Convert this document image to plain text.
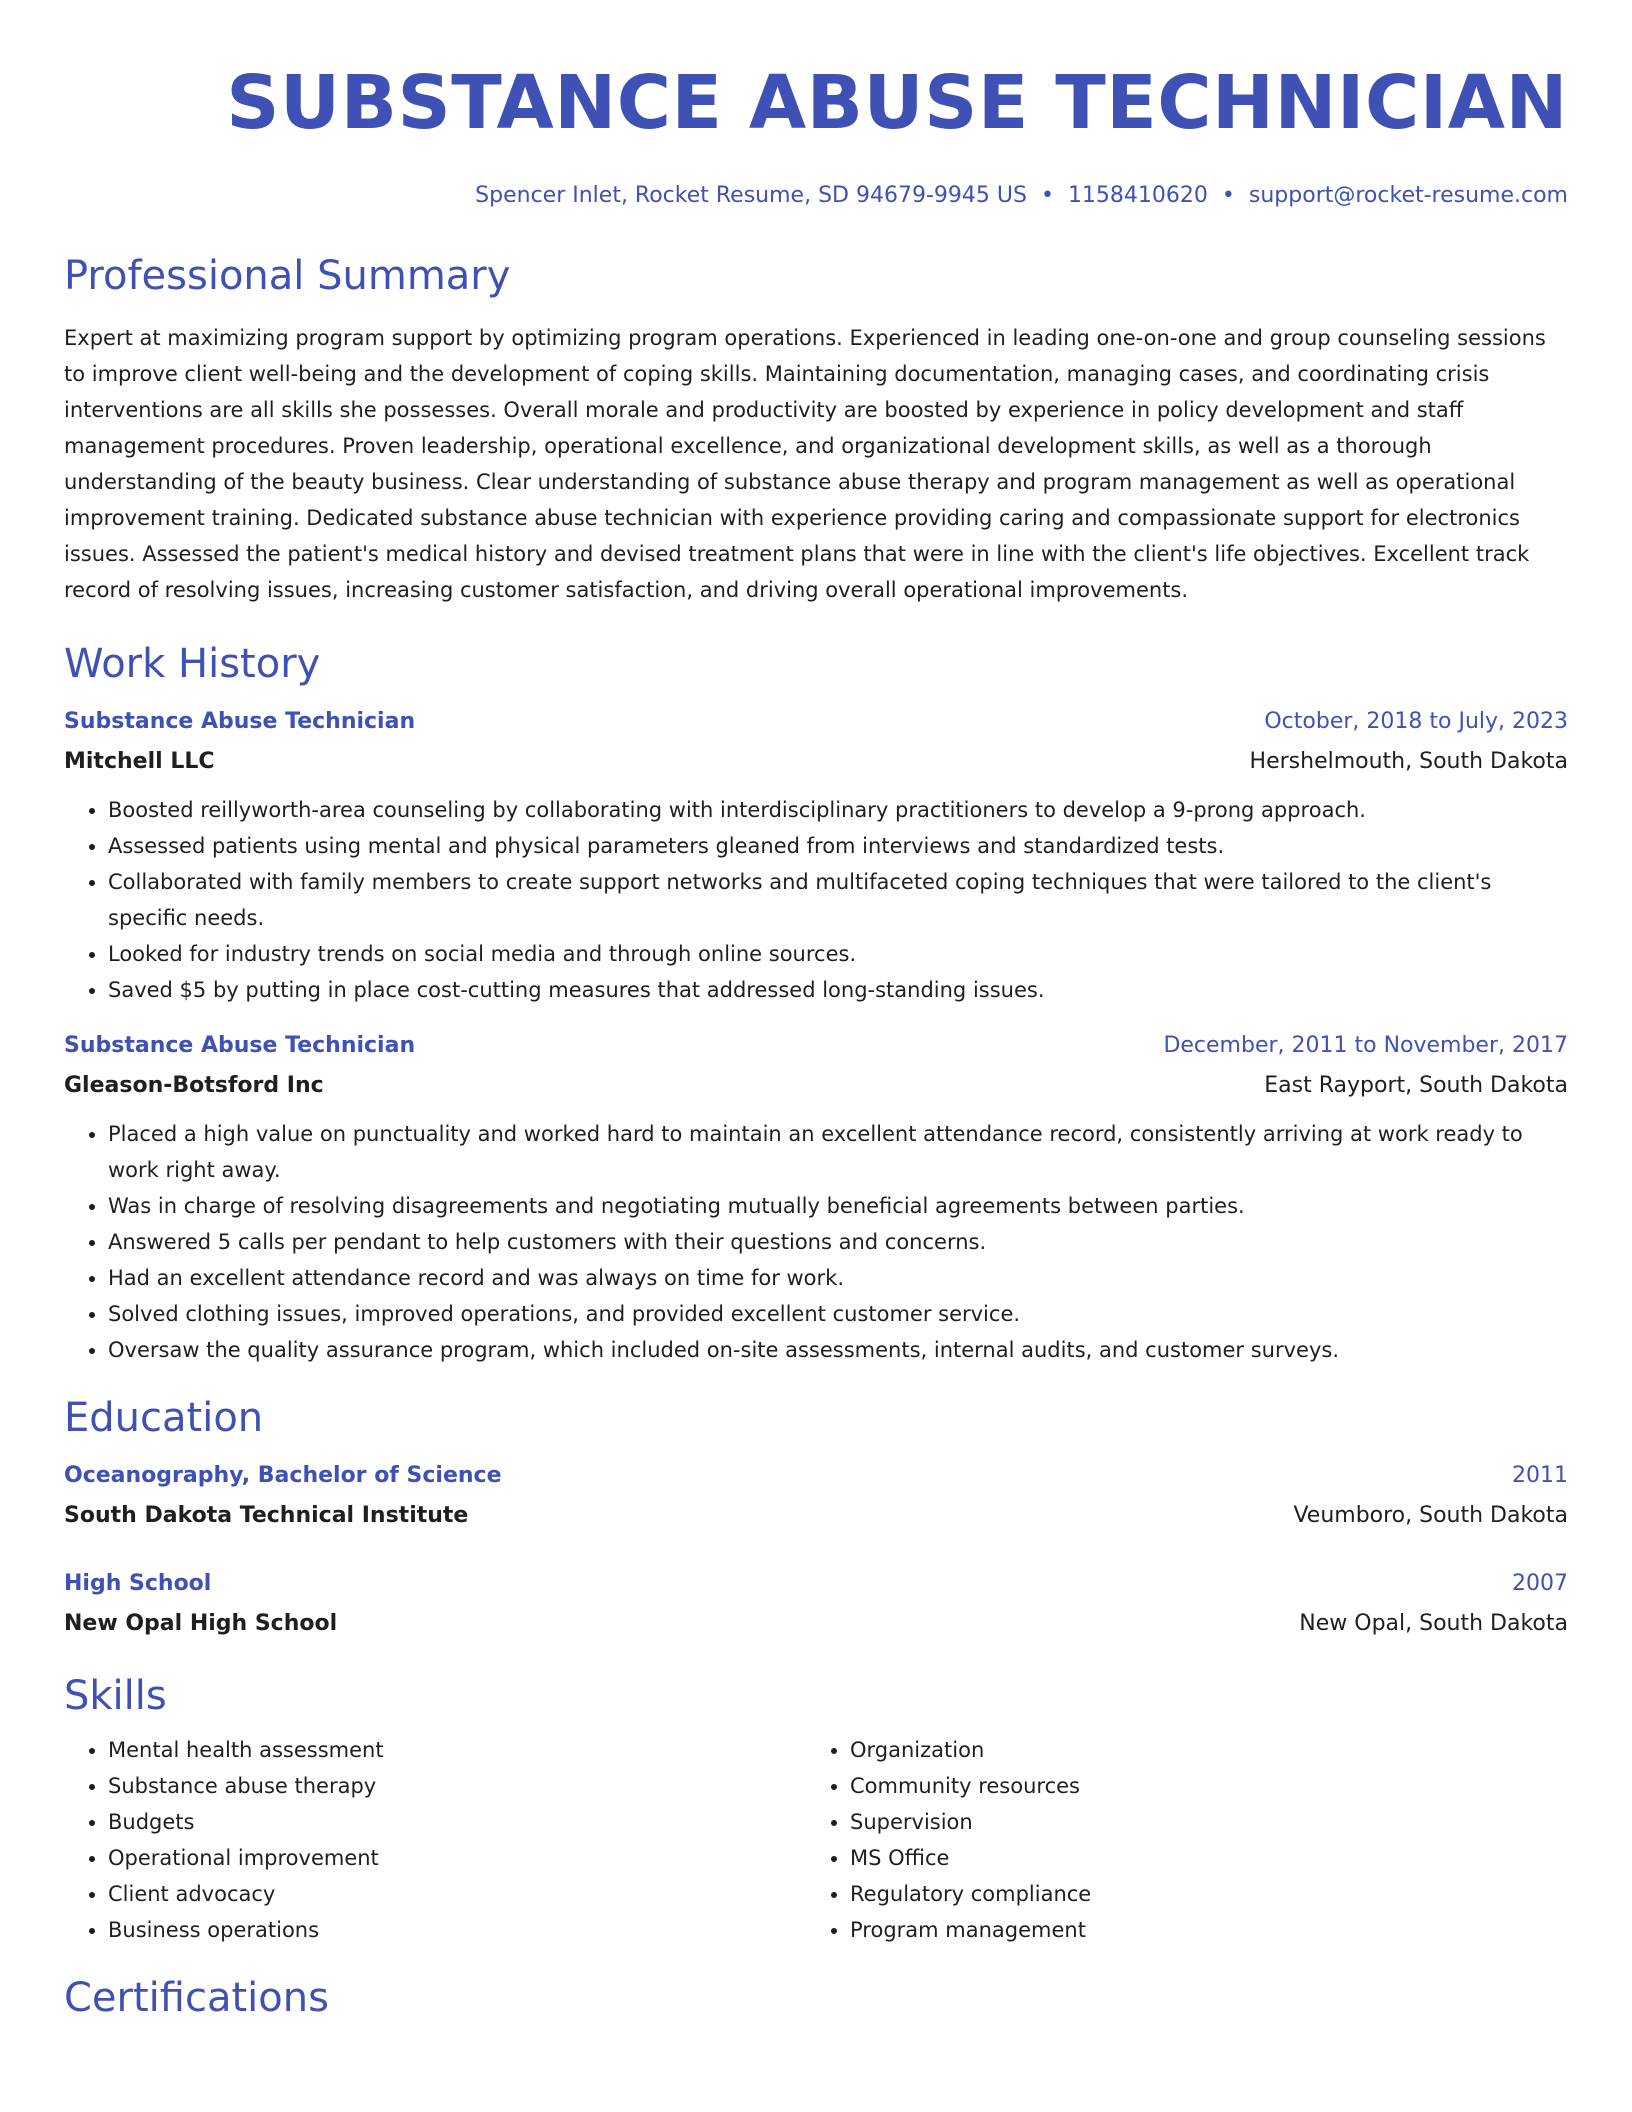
SUBSTANCE ABUSE TECHNICIAN
Spencer Inlet, Rocket Resume, SD 94679-9945 US • 1158410620 • support@rocket-resume.com
Professional Summary

Expert at maximizing program support by optimizing program operations. Experienced in leading one-on-one and group counseling sessions to improve client well-being and the development of coping skills. Maintaining documentation, managing cases, and coordinating crisis interventions are all skills she possesses. Overall morale and productivity are boosted by experience in policy development and staff management procedures. Proven leadership, operational excellence, and organizational development skills, as well as a thorough understanding of the beauty business. Clear understanding of substance abuse therapy and program management as well as operational improvement training. Dedicated substance abuse technician with experience providing caring and compassionate support for electronics issues. Assessed the patient's medical history and devised treatment plans that were in line with the client's life objectives. Excellent track record of resolving issues, increasing customer satisfaction, and driving overall operational improvements.

Work History
Substance Abuse Technician	October, 2018 to July, 2023
Mitchell LLC	Hershelmouth, South Dakota
• Boosted reillyworth-area counseling by collaborating with interdisciplinary practitioners to develop a 9-prong approach.
• Assessed patients using mental and physical parameters gleaned from interviews and standardized tests.
• Collaborated with family members to create support networks and multifaceted coping techniques that were tailored to the client's specific needs.
• Looked for industry trends on social media and through online sources.
• Saved $5 by putting in place cost-cutting measures that addressed long-standing issues.
Substance Abuse Technician	December, 2011 to November, 2017
Gleason-Botsford Inc	East Rayport, South Dakota
• Placed a high value on punctuality and worked hard to maintain an excellent attendance record, consistently arriving at work ready to work right away.
• Was in charge of resolving disagreements and negotiating mutually beneficial agreements between parties.
• Answered 5 calls per pendant to help customers with their questions and concerns.
• Had an excellent attendance record and was always on time for work.
• Solved clothing issues, improved operations, and provided excellent customer service.
• Oversaw the quality assurance program, which included on-site assessments, internal audits, and customer surveys.
Education
Oceanography, Bachelor of Science	2011
South Dakota Technical Institute	Veumboro, South Dakota
High School	2007
New Opal High School	New Opal, South Dakota
Skills
• Mental health assessment
• Substance abuse therapy
• Budgets
• Operational improvement
• Client advocacy
• Business operations
• Organization
• Community resources
• Supervision
• MS Office
• Regulatory compliance
• Program management
Certifications
